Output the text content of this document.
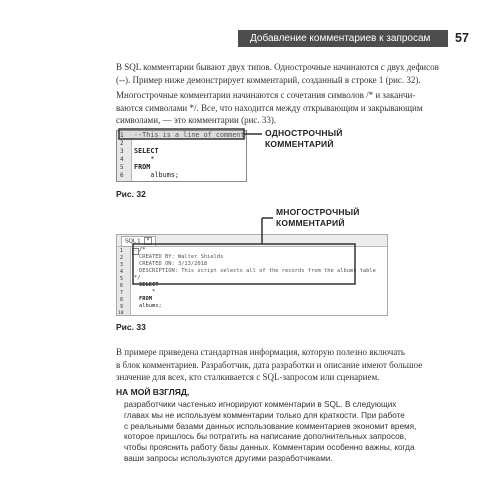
Добавление комментариев к запросам 57
В SQL комментарии бывают двух типов. Однострочные начинаются с двух дефисов
(--). Пример ниже демонстрирует комментарий, созданный в строке 1 (рис. 32).
Многострочные комментарии начинаются с сочетания символов /* и заканчи-
ваются символами */. Все, что находится между открывающим и закрывающим
символами, — это комментарии (рис. 33).
1
2
3
4
5
6
--This is a line of comment
SELECT
*
FROM
albums;
ОДНОСТРОЧНЫЙ
КОММЕНТАРИЙ
Рис. 32
МНОГОСТРОЧНЫЙ
КОММЕНТАРИЙ
SQL 1 ×
1
2
3
4
5
6
7
8
9
10
− /*
CREATED BY: Walter Shields
CREATED ON: 3/13/2018
DESCRIPTION: This script selects all of the records from the albums table
*/
SELECT
*
FROM
albums;
Рис. 33
В примере приведена стандартная информация, которую полезно включать
в блок комментариев. Разработчик, дата разработки и описание имеют большое
значение для всех, кто сталкивается с SQL-запросом или сценарием.
НА МОЙ ВЗГЛЯД,
разработчики частенько игнорируют комментарии в SQL. В следующих
главах мы не используем комментарии только для краткости. При работе
с реальными базами данных использование комментариев экономит время,
которое пришлось бы потратить на написание дополнительных запросов,
чтобы прояснить работу базы данных. Комментарии особенно важны, когда
ваши запросы используются другими разработчиками.
